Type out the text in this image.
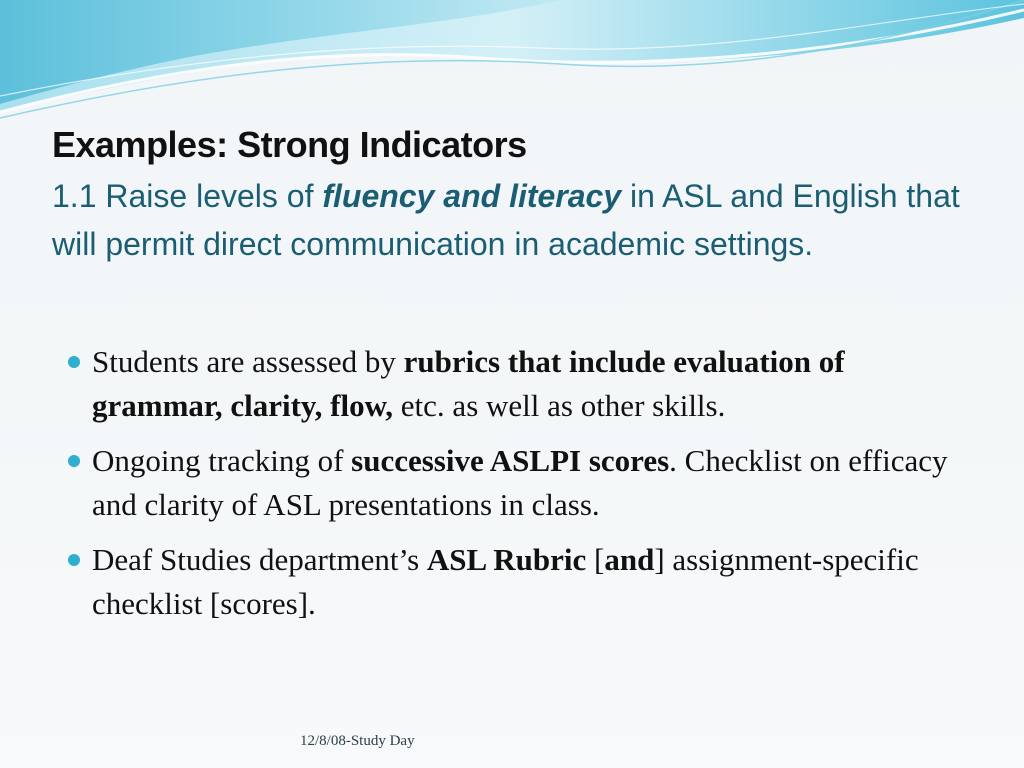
Examples: Strong Indicators
1.1 Raise levels of fluency and literacy in ASL and English that will permit direct communication in academic settings.
Students are assessed by rubrics that include evaluation of grammar, clarity, flow, etc. as well as other skills.
Ongoing tracking of successive ASLPI scores. Checklist on efficacy and clarity of ASL presentations in class.
Deaf Studies department’s ASL Rubric [and] assignment-specific checklist [scores].
12/8/08-Study Day
